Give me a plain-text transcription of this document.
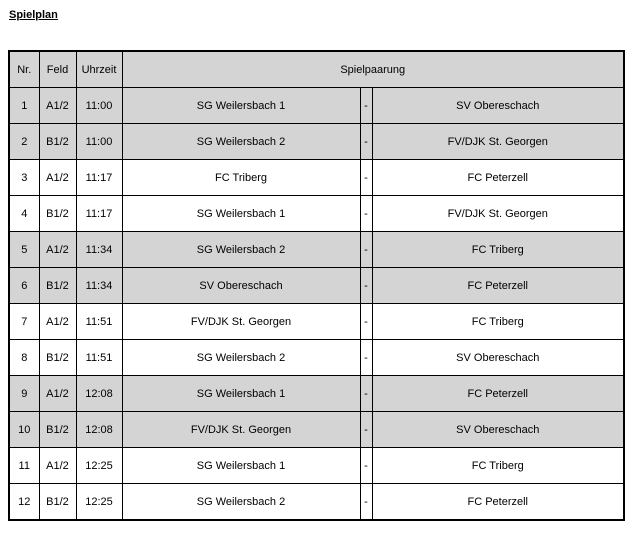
Spielplan
Nr.	Feld	Uhrzeit	Spielpaarung		
1	A1/2	11:00	SG Weilersbach 1	-	SV Obereschach
2	B1/2	11:00	SG Weilersbach 2	-	FV/DJK St. Georgen
3	A1/2	11:17	FC Triberg	-	FC Peterzell
4	B1/2	11:17	SG Weilersbach 1	-	FV/DJK St. Georgen
5	A1/2	11:34	SG Weilersbach 2	-	FC Triberg
6	B1/2	11:34	SV Obereschach	-	FC Peterzell
7	A1/2	11:51	FV/DJK St. Georgen	-	FC Triberg
8	B1/2	11:51	SG Weilersbach 2	-	SV Obereschach
9	A1/2	12:08	SG Weilersbach 1	-	FC Peterzell
10	B1/2	12:08	FV/DJK St. Georgen	-	SV Obereschach
11	A1/2	12:25	SG Weilersbach 1	-	FC Triberg
12	B1/2	12:25	SG Weilersbach 2	-	FC Peterzell
